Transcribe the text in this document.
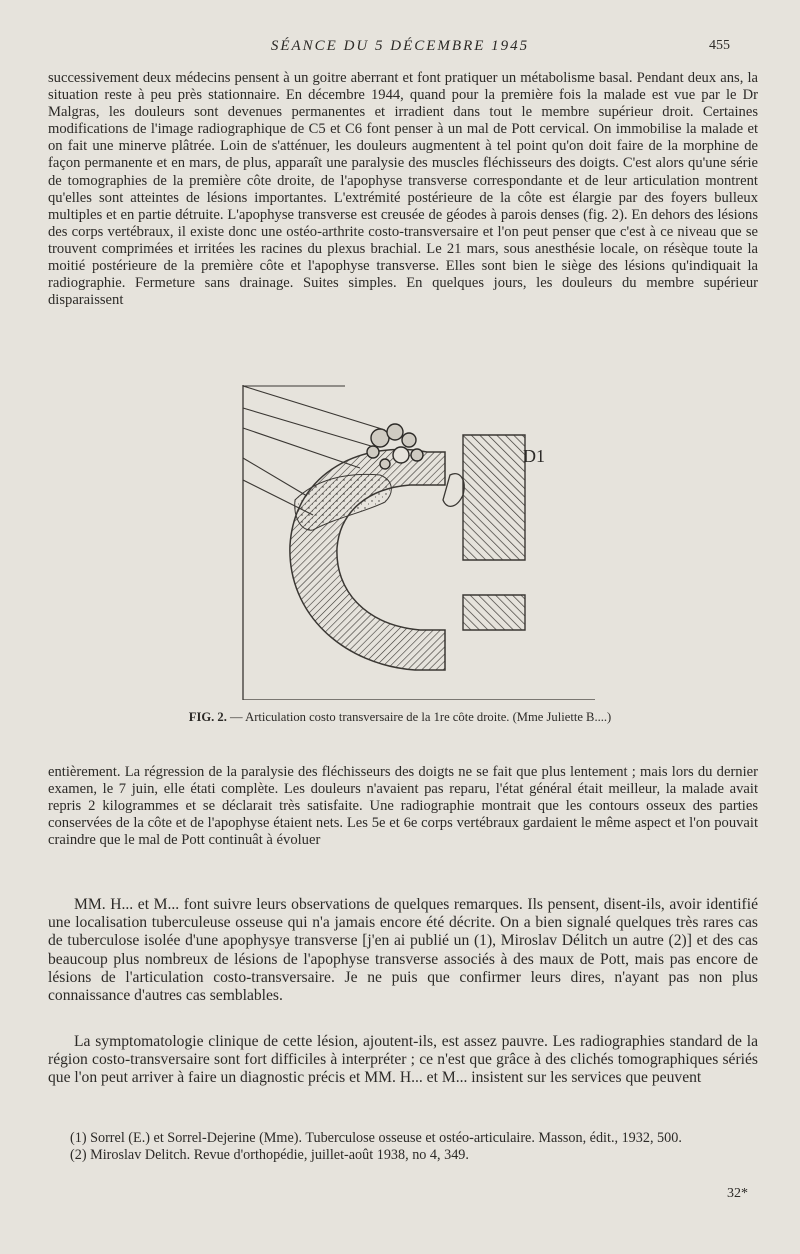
SÉANCE DU 5 DÉCEMBRE 1945	455

successivement deux médecins pensent à un goitre aberrant et font pratiquer un métabolisme basal. Pendant deux ans, la situation reste à peu près stationnaire. En décembre 1944, quand pour la première fois la malade est vue par le Dr Malgras, les douleurs sont devenues permanentes et irradient dans tout le membre supérieur droit. Certaines modifications de l'image radiographique de C5 et C6 font penser à un mal de Pott cervical. On immobilise la malade et on fait une minerve plâtrée. Loin de s'atténuer, les douleurs augmentent à tel point qu'on doit faire de la morphine de façon permanente et en mars, de plus, apparaît une paralysie des muscles fléchisseurs des doigts. C'est alors qu'une série de tomographies de la première côte droite, de l'apophyse transverse correspondante et de leur articulation montrent qu'elles sont atteintes de lésions importantes. L'extrémité postérieure de la côte est élargie par des foyers bulleux multiples et en partie détruite. L'apophyse transverse est creusée de géodes à parois denses (fig. 2). En dehors des lésions des corps vertébraux, il existe donc une ostéo-arthrite costo-transversaire et l'on peut penser que c'est à ce niveau que se trouvent comprimées et irritées les racines du plexus brachial. Le 21 mars, sous anesthésie locale, on résèque toute la moitié postérieure de la première côte et l'apophyse transverse. Elles sont bien le siège des lésions qu'indiquait la radiographie. Fermeture sans drainage. Suites simples. En quelques jours, les douleurs du membre supérieur disparaissent

D1
FIG. 2. — Articulation costo transversaire de la 1re côte droite. (Mme Juliette B....)

entièrement. La régression de la paralysie des fléchisseurs des doigts ne se fait que plus lentement ; mais lors du dernier examen, le 7 juin, elle étati complète. Les douleurs n'avaient pas reparu, l'état général était meilleur, la malade avait repris 2 kilogrammes et se déclarait très satisfaite. Une radiographie montrait que les contours osseux des parties conservées de la côte et de l'apophyse étaient nets. Les 5e et 6e corps vertébraux gardaient le même aspect et l'on pouvait craindre que le mal de Pott continuât à évoluer

MM. H... et M... font suivre leurs observations de quelques remarques. Ils pensent, disent-ils, avoir identifié une localisation tuberculeuse osseuse qui n'a jamais encore été décrite. On a bien signalé quelques très rares cas de tuberculose isolée d'une apophysye transverse [j'en ai publié un (1), Miroslav Délitch un autre (2)] et des cas beaucoup plus nombreux de lésions de l'apophyse transverse associés à des maux de Pott, mais pas encore de lésions de l'articulation costo-transversaire. Je ne puis que confirmer leurs dires, n'ayant pas non plus connaissance d'autres cas semblables.

La symptomatologie clinique de cette lésion, ajoutent-ils, est assez pauvre. Les radiographies standard de la région costo-transversaire sont fort difficiles à interpréter ; ce n'est que grâce à des clichés tomographiques sériés que l'on peut arriver à faire un diagnostic précis et MM. H... et M... insistent sur les services que peuvent

(1) Sorrel (E.) et Sorrel-Dejerine (Mme). Tuberculose osseuse et ostéo-articulaire. Masson, édit., 1932, 500.

(2) Miroslav Delitch. Revue d'orthopédie, juillet-août 1938, no 4, 349.

32*
